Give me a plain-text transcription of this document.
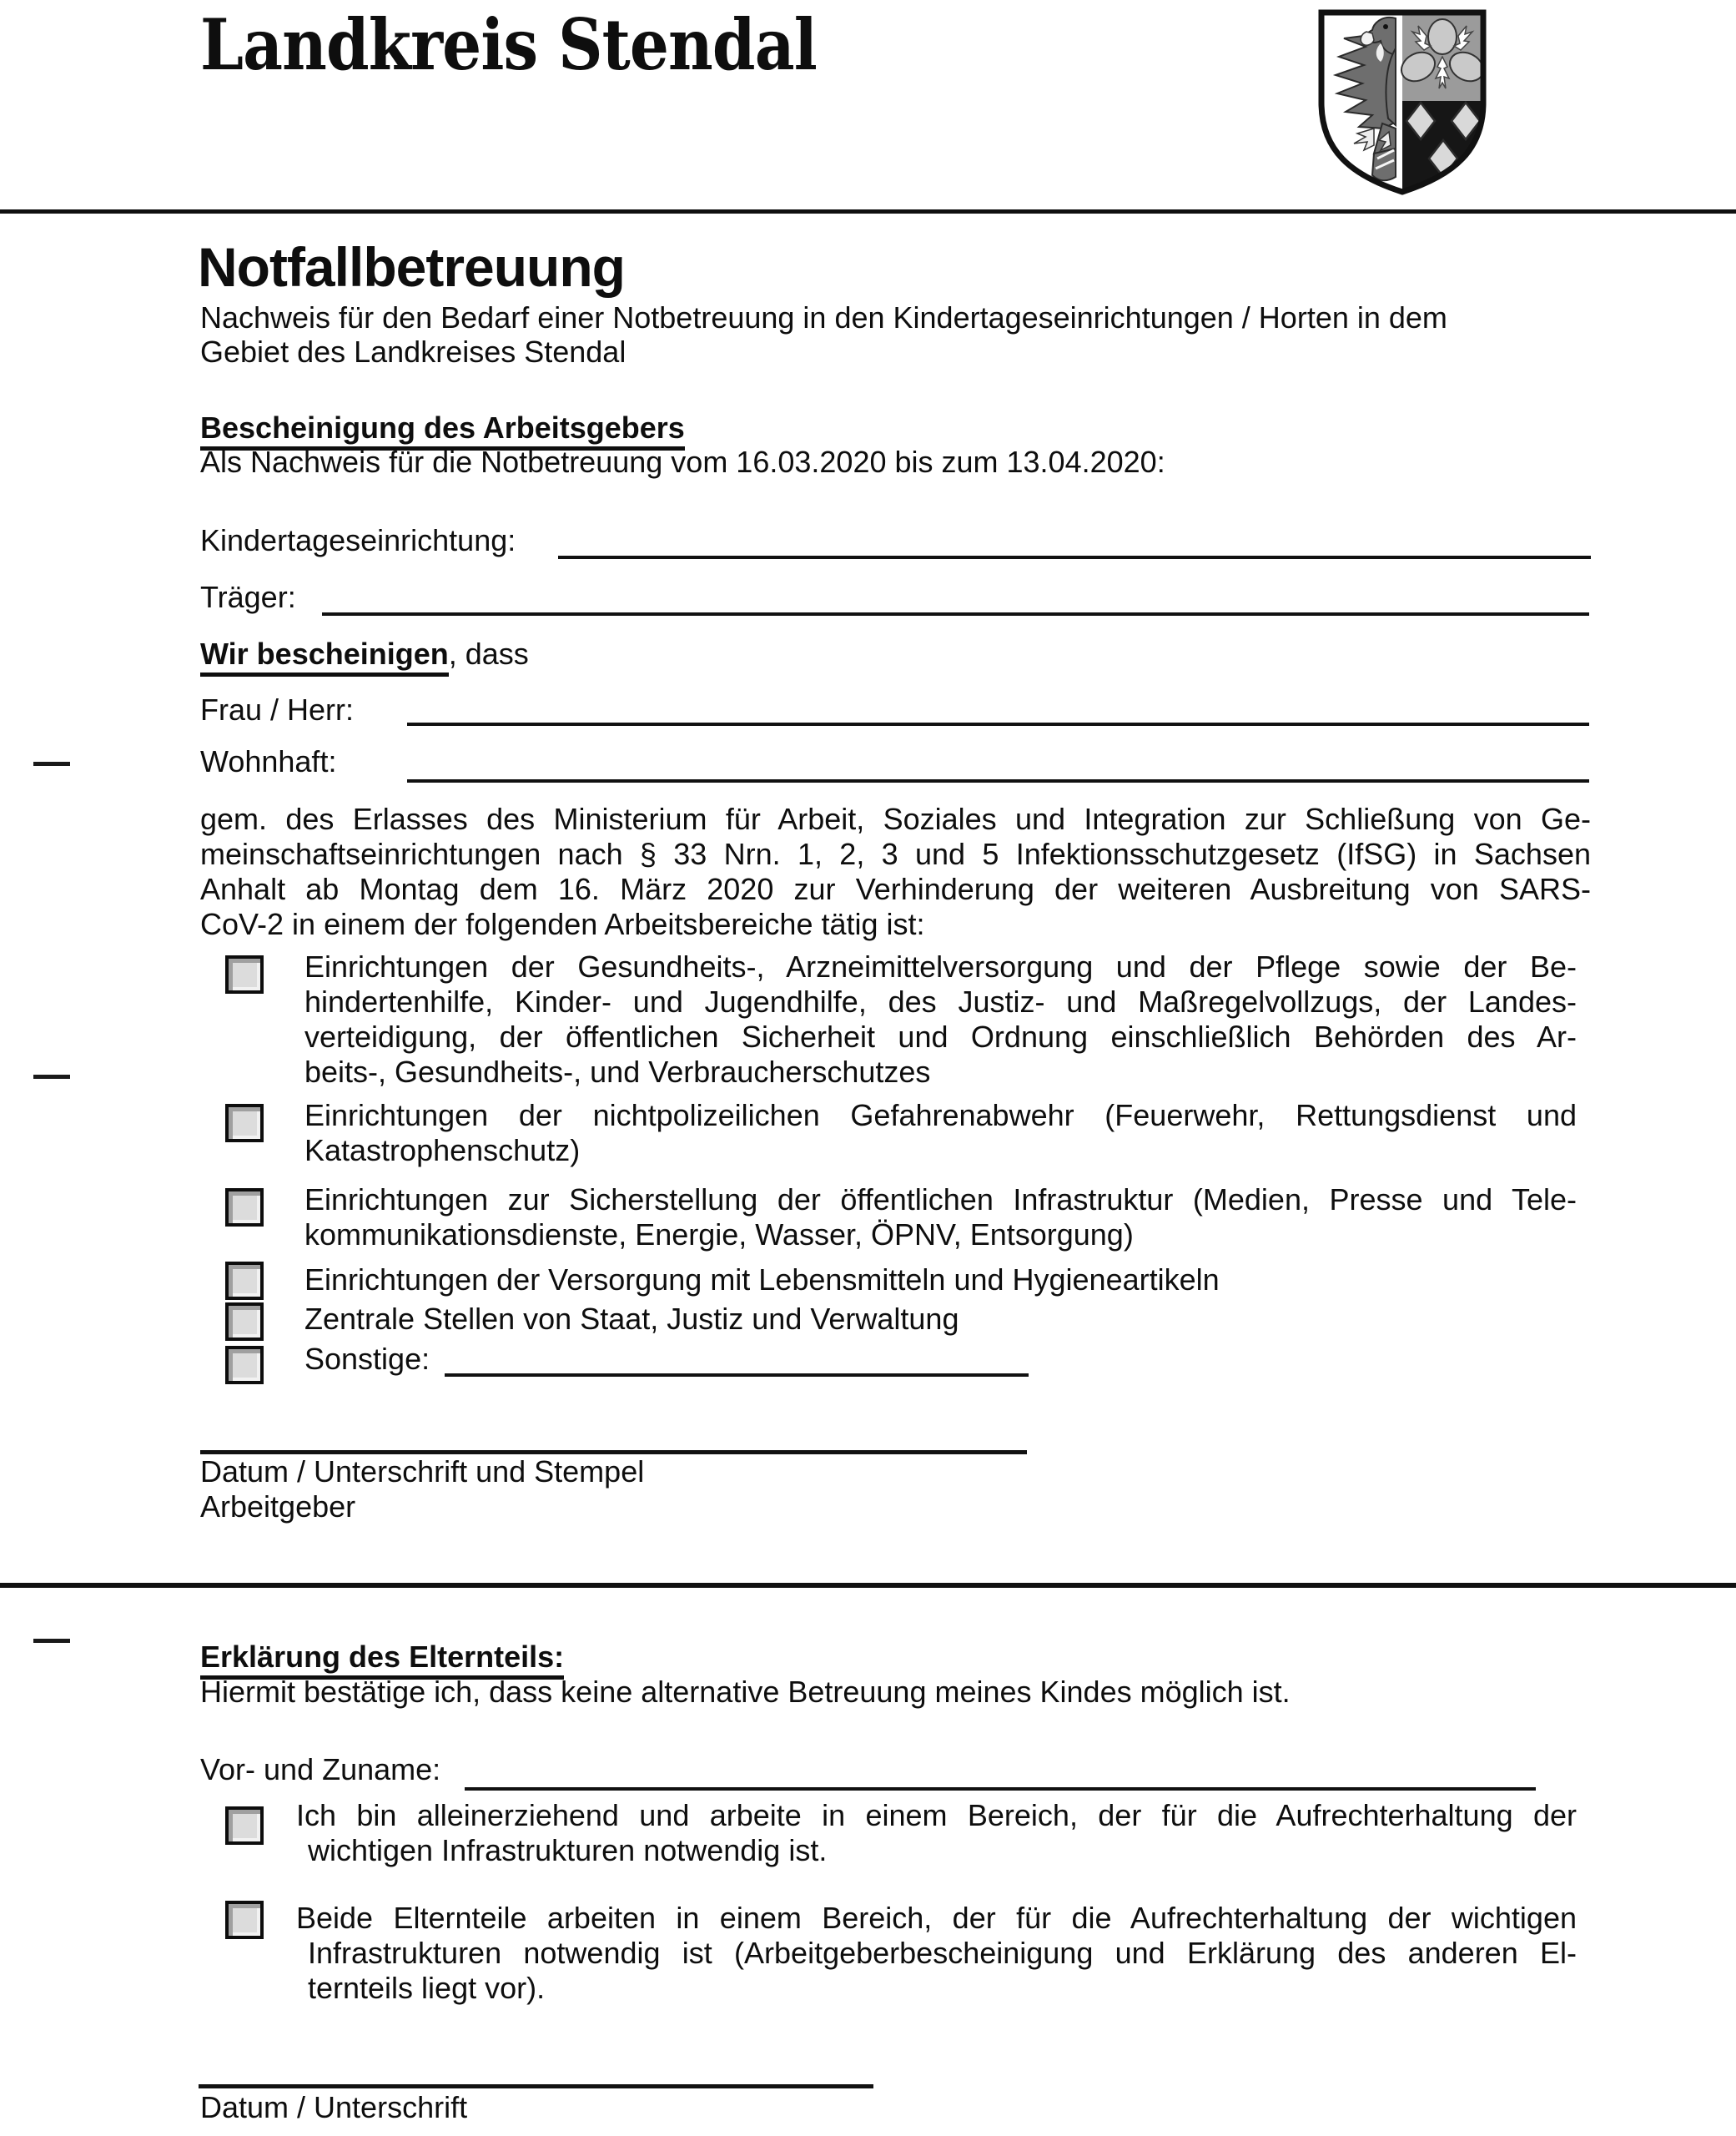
Landkreis Stendal
Notfallbetreuung
Nachweis für den Bedarf einer Notbetreuung in den Kindertageseinrichtungen / Horten in dem
Gebiet des Landkreises Stendal
Bescheinigung des Arbeitsgebers
Als Nachweis für die Notbetreuung vom 16.03.2020 bis zum 13.04.2020:
Kindertageseinrichtung:
Träger:
Wir bescheinigen, dass
Frau / Herr:
Wohnhaft:
gem. des Erlasses des Ministerium für Arbeit, Soziales und Integration zur Schließung von Ge-
meinschaftseinrichtungen nach § 33 Nrn. 1, 2, 3 und 5 Infektionsschutzgesetz (IfSG) in Sachsen
Anhalt ab Montag dem 16. März 2020 zur Verhinderung der weiteren Ausbreitung von SARS-
CoV-2 in einem der folgenden Arbeitsbereiche tätig ist:
Einrichtungen der Gesundheits-, Arzneimittelversorgung und der Pflege sowie der Be-
hindertenhilfe, Kinder- und Jugendhilfe, des Justiz- und Maßregelvollzugs, der Landes-
verteidigung, der öffentlichen Sicherheit und Ordnung einschließlich Behörden des Ar-
beits-, Gesundheits-, und Verbraucherschutzes
Einrichtungen der nichtpolizeilichen Gefahrenabwehr (Feuerwehr, Rettungsdienst und
Katastrophenschutz)
Einrichtungen zur Sicherstellung der öffentlichen Infrastruktur (Medien, Presse und Tele-
kommunikationsdienste, Energie, Wasser, ÖPNV, Entsorgung)
Einrichtungen der Versorgung mit Lebensmitteln und Hygieneartikeln
Zentrale Stellen von Staat, Justiz und Verwaltung
Sonstige:
Datum / Unterschrift und Stempel
Arbeitgeber
Erklärung des Elternteils:
Hiermit bestätige ich, dass keine alternative Betreuung meines Kindes möglich ist.
Vor- und Zuname:
Ich bin alleinerziehend und arbeite in einem Bereich, der für die Aufrechterhaltung der
wichtigen Infrastrukturen notwendig ist.
Beide Elternteile arbeiten in einem Bereich, der für die Aufrechterhaltung der wichtigen
Infrastrukturen notwendig ist (Arbeitgeberbescheinigung und Erklärung des anderen El-
ternteils liegt vor).
Datum / Unterschrift
